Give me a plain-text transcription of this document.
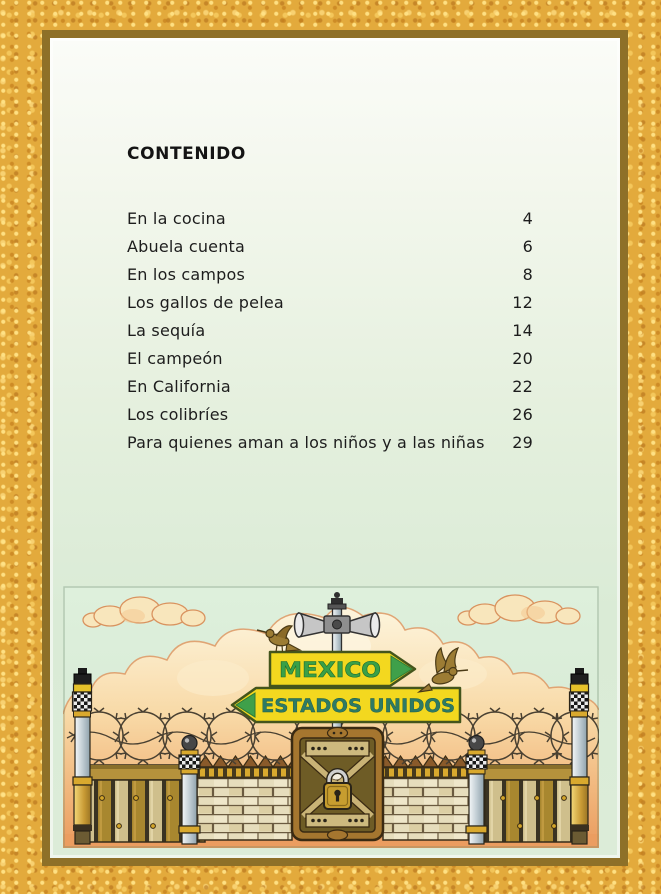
CONTENIDO
En la cocina	4
Abuela cuenta	6
En los campos	8
Los gallos de pelea	12
La sequía	14
El campeón	20
En California	22
Los colibríes	26
Para quienes aman a los niños y a las niñas 29
MEXICO
ESTADOS UNIDOS
